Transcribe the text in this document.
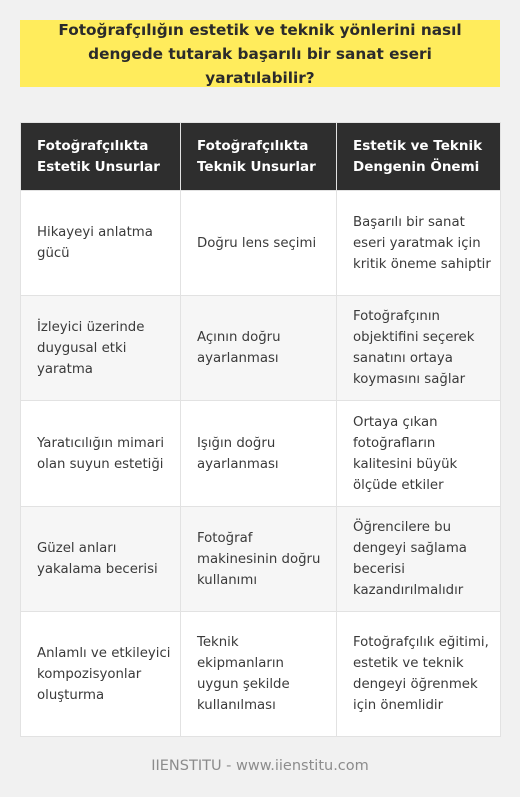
Fotoğrafçılığın estetik ve teknik yönlerini nasıl dengede tutarak başarılı bir sanat eseri yaratılabilir?
Fotoğrafçılıkta Estetik Unsurlar	Fotoğrafçılıkta Teknik Unsurlar	Estetik ve Teknik Dengenin Önemi
Hikayeyi anlatma gücü	Doğru lens seçimi	Başarılı bir sanat eseri yaratmak için kritik öneme sahiptir
İzleyici üzerinde duygusal etki yaratma	Açının doğru ayarlanması	Fotoğrafçının objektifini seçerek sanatını ortaya koymasını sağlar
Yaratıcılığın mimari olan suyun estetiği	Işığın doğru ayarlanması	Ortaya çıkan fotoğrafların kalitesini büyük ölçüde etkiler
Güzel anları yakalama becerisi	Fotoğraf makinesinin doğru kullanımı	Öğrencilere bu dengeyi sağlama becerisi kazandırılmalıdır
Anlamlı ve etkileyici kompozisyonlar oluşturma	Teknik ekipmanların uygun şekilde kullanılması	Fotoğrafçılık eğitimi, estetik ve teknik dengeyi öğrenmek için önemlidir
IIENSTITU - www.iienstitu.com
